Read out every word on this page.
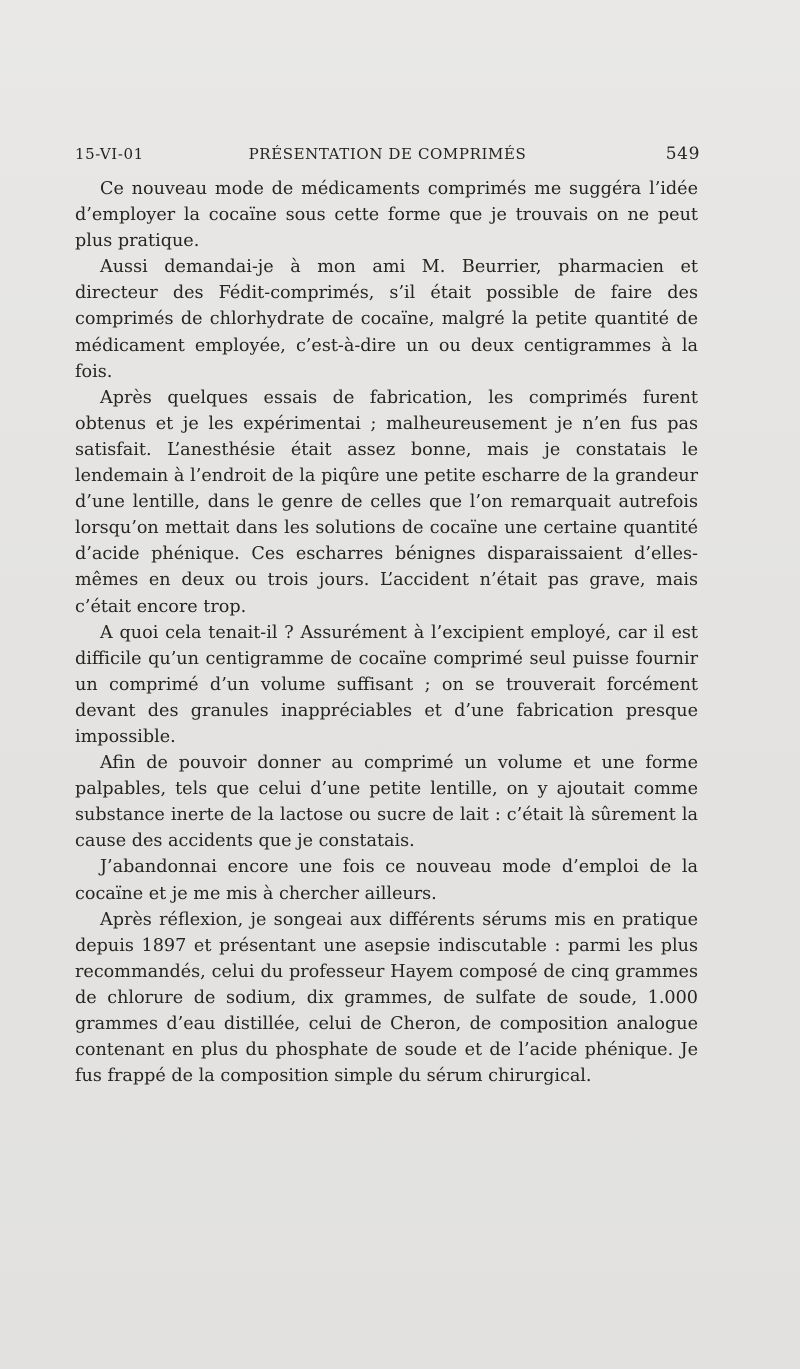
15-VI-01	PRÉSENTATION DE COMPRIMÉS	549

Ce nouveau mode de médicaments comprimés me suggéra l’idée d’employer la cocaïne sous cette forme que je trouvais on ne peut plus pratique.

Aussi demandai-je à mon ami M. Beurrier, pharmacien et directeur des Fédit-comprimés, s’il était possible de faire des comprimés de chlorhydrate de cocaïne, malgré la petite quantité de médicament employée, c’est-à-dire un ou deux centigrammes à la fois.

Après quelques essais de fabrication, les comprimés furent obtenus et je les expérimentai ; malheureusement je n’en fus pas satisfait. L’anesthésie était assez bonne, mais je constatais le lendemain à l’endroit de la piqûre une petite escharre de la grandeur d’une lentille, dans le genre de celles que l’on remarquait autrefois lorsqu’on mettait dans les solutions de cocaïne une certaine quantité d’acide phénique. Ces escharres bénignes disparaissaient d’elles-mêmes en deux ou trois jours. L’accident n’était pas grave, mais c’était encore trop.

A quoi cela tenait-il ? Assurément à l’excipient employé, car il est difficile qu’un centigramme de cocaïne comprimé seul puisse fournir un comprimé d’un volume suffisant ; on se trouverait forcément devant des granules inappréciables et d’une fabrication presque impossible.

Afin de pouvoir donner au comprimé un volume et une forme palpables, tels que celui d’une petite lentille, on y ajoutait comme substance inerte de la lactose ou sucre de lait : c’était là sûrement la cause des accidents que je constatais.

J’abandonnai encore une fois ce nouveau mode d’emploi de la cocaïne et je me mis à chercher ailleurs.

Après réflexion, je songeai aux différents sérums mis en pratique depuis 1897 et présentant une asepsie indiscutable : parmi les plus recommandés, celui du professeur Hayem composé de cinq grammes de chlorure de sodium, dix grammes, de sulfate de soude, 1.000 grammes d’eau distillée, celui de Cheron, de composition analogue contenant en plus du phosphate de soude et de l’acide phénique. Je fus frappé de la composition simple du sérum chirurgical.
